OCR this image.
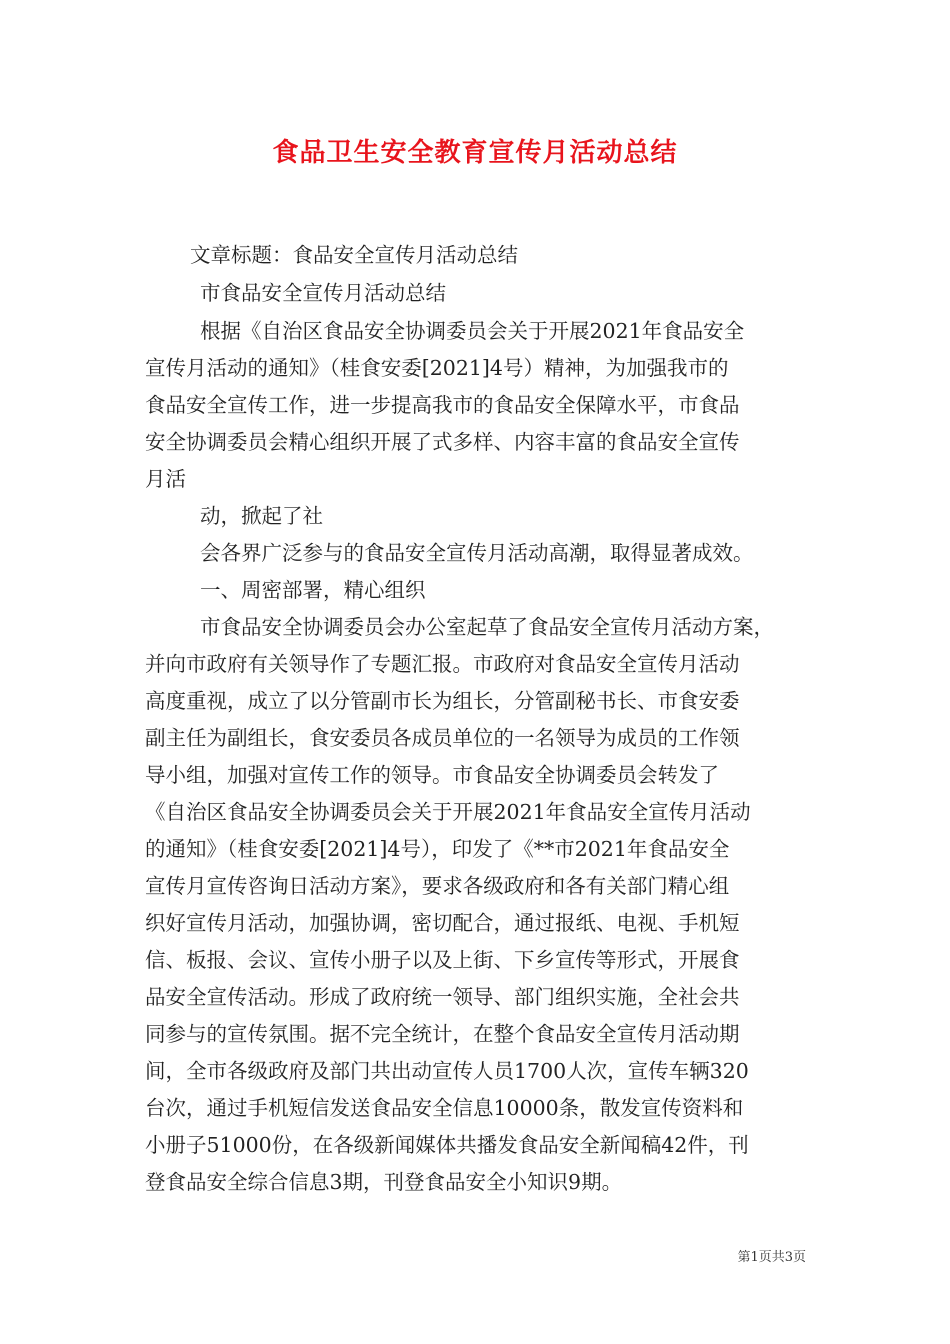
食品卫生安全教育宣传月活动总结
文章标题：食品安全宣传月活动总结
市食品安全宣传月活动总结
根据《自治区食品安全协调委员会关于开展2021年食品安全
宣传月活动的通知》（桂食安委[2021]4号）精神，为加强我市的
食品安全宣传工作，进一步提高我市的食品安全保障水平，市食品
安全协调委员会精心组织开展了式多样、内容丰富的食品安全宣传
月活
动，掀起了社
会各界广泛参与的食品安全宣传月活动高潮，取得显著成效。
一、周密部署，精心组织
市食品安全协调委员会办公室起草了食品安全宣传月活动方案，
并向市政府有关领导作了专题汇报。市政府对食品安全宣传月活动
高度重视，成立了以分管副市长为组长，分管副秘书长、市食安委
副主任为副组长，食安委员各成员单位的一名领导为成员的工作领
导小组，加强对宣传工作的领导。市食品安全协调委员会转发了
《自治区食品安全协调委员会关于开展2021年食品安全宣传月活动
的通知》（桂食安委[2021]4号），印发了《**市2021年食品安全
宣传月宣传咨询日活动方案》，要求各级政府和各有关部门精心组
织好宣传月活动，加强协调，密切配合，通过报纸、电视、手机短
信、板报、会议、宣传小册子以及上街、下乡宣传等形式，开展食
品安全宣传活动。形成了政府统一领导、部门组织实施，全社会共
同参与的宣传氛围。据不完全统计，在整个食品安全宣传月活动期
间，全市各级政府及部门共出动宣传人员1700人次，宣传车辆320
台次，通过手机短信发送食品安全信息10000条，散发宣传资料和
小册子51000份，在各级新闻媒体共播发食品安全新闻稿42件，刊
登食品安全综合信息3期，刊登食品安全小知识9期。
第1页共3页
